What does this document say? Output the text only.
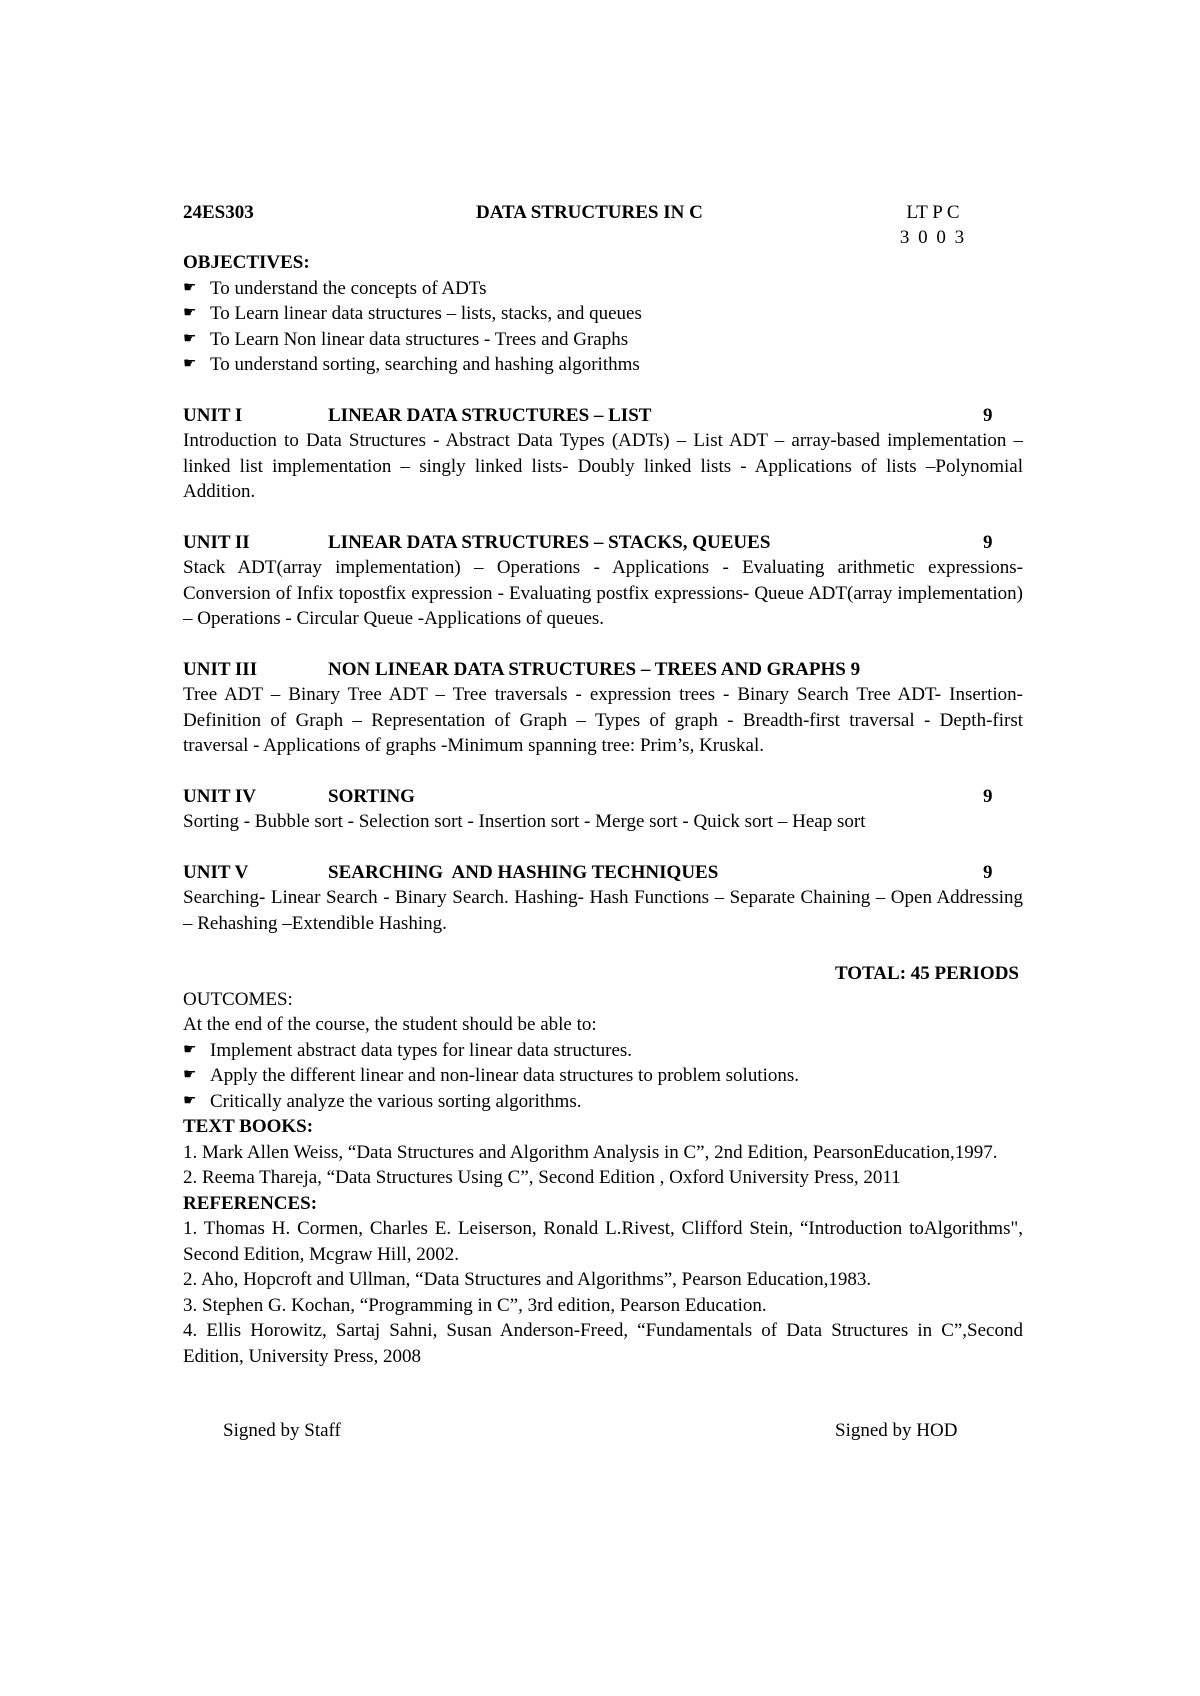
24ES303	DATA STRUCTURES IN C	LT P C
3 0 0 3
OBJECTIVES:
☛ To understand the concepts of ADTs
☛ To Learn linear data structures – lists, stacks, and queues
☛ To Learn Non linear data structures - Trees and Graphs
☛ To understand sorting, searching and hashing algorithms
UNIT I	LINEAR DATA STRUCTURES – LIST	9

Introduction to Data Structures - Abstract Data Types (ADTs) – List ADT – array-based implementation – linked list implementation – singly linked lists- Doubly linked lists - Applications of lists –Polynomial Addition.

UNIT II	LINEAR DATA STRUCTURES – STACKS, QUEUES	9

Stack ADT(array implementation) – Operations - Applications - Evaluating arithmetic expressions- Conversion of Infix topostfix expression - Evaluating postfix expressions- Queue ADT(array implementation) – Operations - Circular Queue -Applications of queues.

UNIT III	NON LINEAR DATA STRUCTURES – TREES AND GRAPHS 9

Tree ADT – Binary Tree ADT – Tree traversals - expression trees - Binary Search Tree ADT- Insertion-Definition of Graph – Representation of Graph – Types of graph - Breadth-first traversal - Depth-first traversal - Applications of graphs -Minimum spanning tree: Prim’s, Kruskal.

UNIT IV	SORTING	9

Sorting - Bubble sort - Selection sort - Insertion sort - Merge sort - Quick sort – Heap sort

UNIT V	SEARCHING  AND HASHING TECHNIQUES	9

Searching- Linear Search - Binary Search. Hashing- Hash Functions – Separate Chaining – Open Addressing – Rehashing –Extendible Hashing.

TOTAL: 45 PERIODS
OUTCOMES:
At the end of the course, the student should be able to:
☛ Implement abstract data types for linear data structures.
☛ Apply the different linear and non-linear data structures to problem solutions.
☛ Critically analyze the various sorting algorithms.
TEXT BOOKS:

1. Mark Allen Weiss, “Data Structures and Algorithm Analysis in C”, 2nd Edition, PearsonEducation,1997.

2. Reema Thareja, “Data Structures Using C”, Second Edition , Oxford University Press, 2011

REFERENCES:

1. Thomas H. Cormen, Charles E. Leiserson, Ronald L.Rivest, Clifford Stein, “Introduction toAlgorithms", Second Edition, Mcgraw Hill, 2002.

2. Aho, Hopcroft and Ullman, “Data Structures and Algorithms”, Pearson Education,1983.

3. Stephen G. Kochan, “Programming in C”, 3rd edition, Pearson Education.

4. Ellis Horowitz, Sartaj Sahni, Susan Anderson-Freed, “Fundamentals of Data Structures in C”,Second Edition, University Press, 2008

Signed by Staff	Signed by HOD
